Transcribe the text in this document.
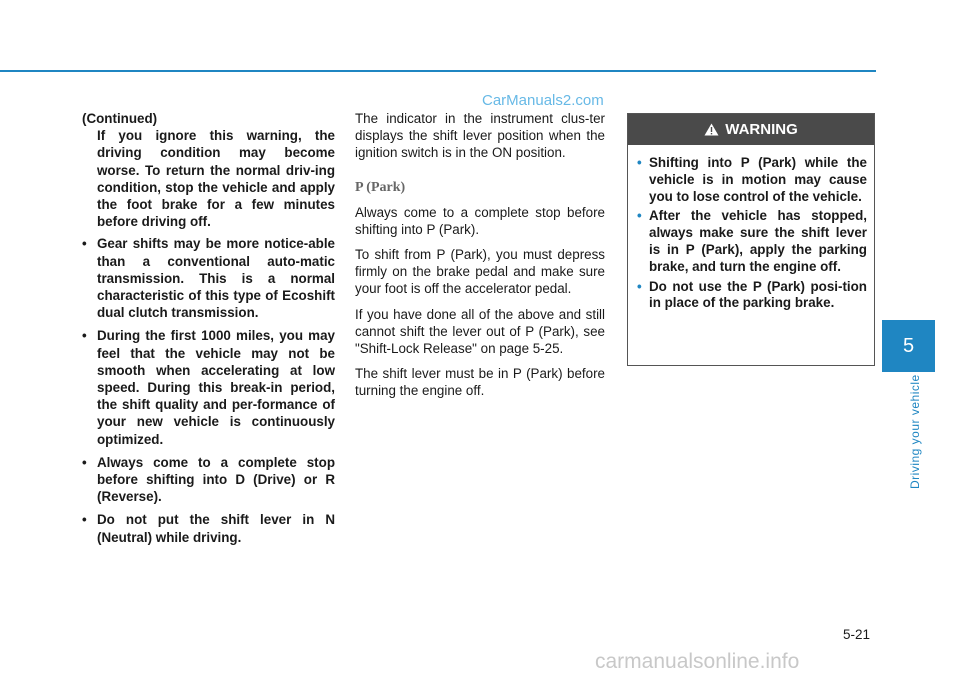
CarManuals2.com

(Continued)

If you ignore this warning, the driving condition may become worse. To return the normal driv-ing condition, stop the vehicle and apply the foot brake for a few minutes before driving off.

• Gear shifts may be more notice-able than a conventional auto-matic transmission. This is a normal characteristic of this type of Ecoshift dual clutch transmission.
• During the first 1000 miles, you may feel that the vehicle may not be smooth when accelerating at low speed. During this break-in period, the shift quality and per-formance of your new vehicle is continuously optimized.
• Always come to a complete stop before shifting into D (Drive) or R (Reverse).
• Do not put the shift lever in N (Neutral) while driving.

The indicator in the instrument clus-ter displays the shift lever position when the ignition switch is in the ON position.

P (Park)

Always come to a complete stop before shifting into P (Park).

To shift from P (Park), you must depress firmly on the brake pedal and make sure your foot is off the accelerator pedal.

If you have done all of the above and still cannot shift the lever out of P (Park), see "Shift-Lock Release" on page 5-25.

The shift lever must be in P (Park) before turning the engine off.

WARNING
• Shifting into P (Park) while the vehicle is in motion may cause you to lose control of the vehicle.
• After the vehicle has stopped, always make sure the shift lever is in P (Park), apply the parking brake, and turn the engine off.
• Do not use the P (Park) posi-tion in place of the parking brake.
5
Driving your vehicle
5-21
carmanualsonline.info
